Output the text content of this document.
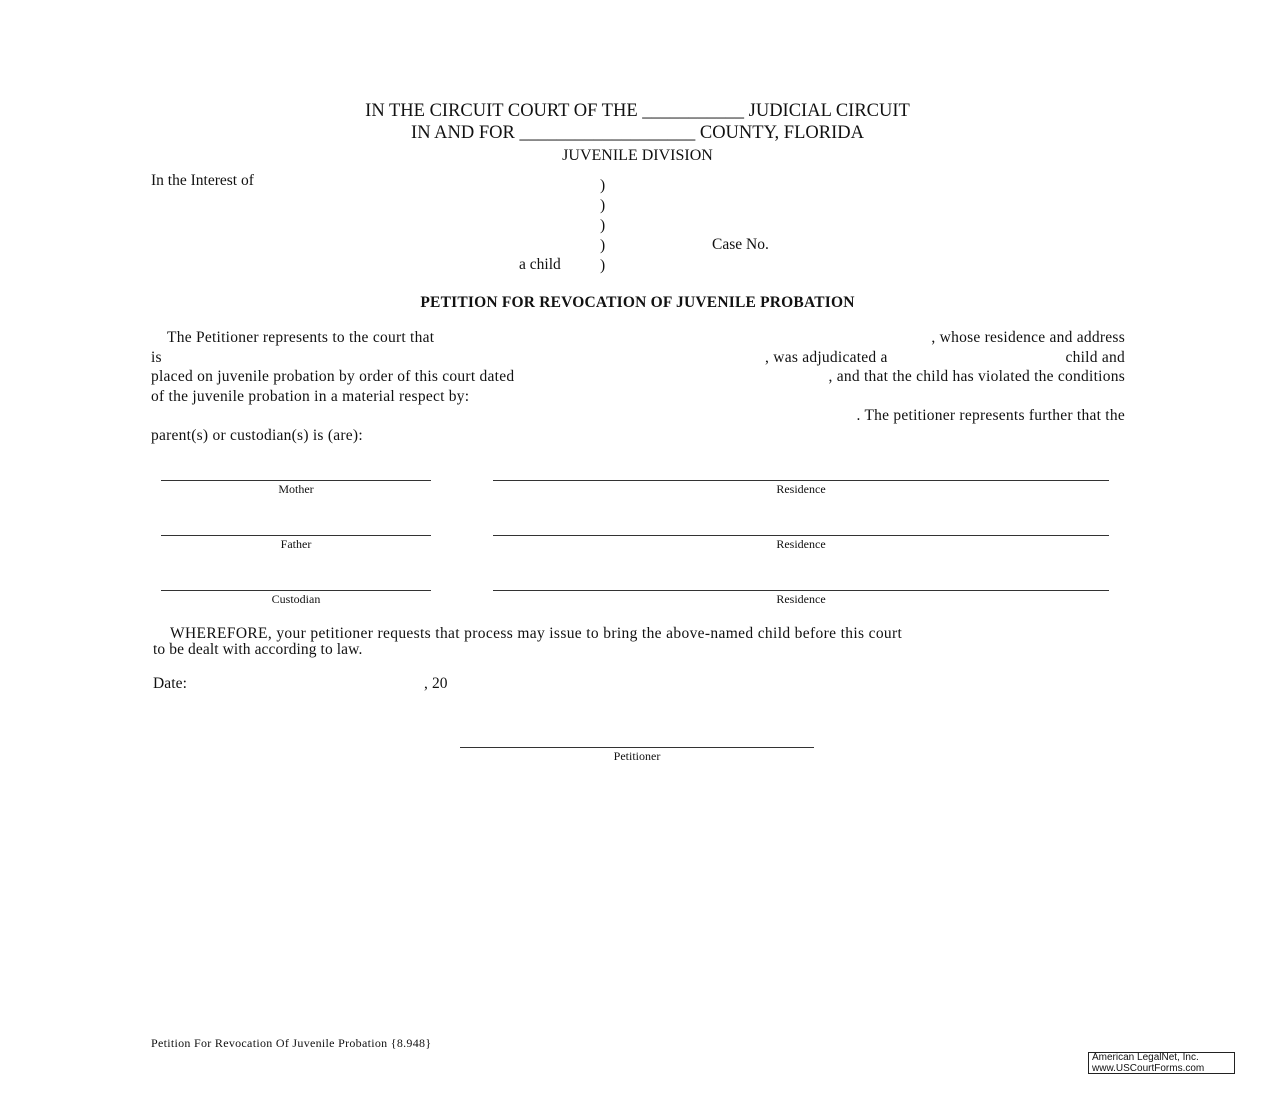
IN THE CIRCUIT COURT OF THE ___________ JUDICIAL CIRCUIT
IN AND FOR ___________________ COUNTY, FLORIDA
JUVENILE DIVISION
In the Interest of	)
)
)
)
)
Case No.
a child
PETITION FOR REVOCATION OF JUVENILE PROBATION
The Petitioner represents to the court that	, whose residence and address
is	, was adjudicated a	child and
placed on juvenile probation by order of this court dated	, and that the child has violated the conditions
of the juvenile probation in a material respect by:
. The petitioner represents further that the
parent(s) or custodian(s) is (are):
Mother	Residence
Father	Residence
Custodian	Residence
WHEREFORE, your petitioner requests that process may issue to bring the above-named child before this court
to be dealt with according to law.
Date:	, 20
Petitioner
Petition For Revocation Of Juvenile Probation {8.948}
American LegalNet, Inc.
www.USCourtForms.com
